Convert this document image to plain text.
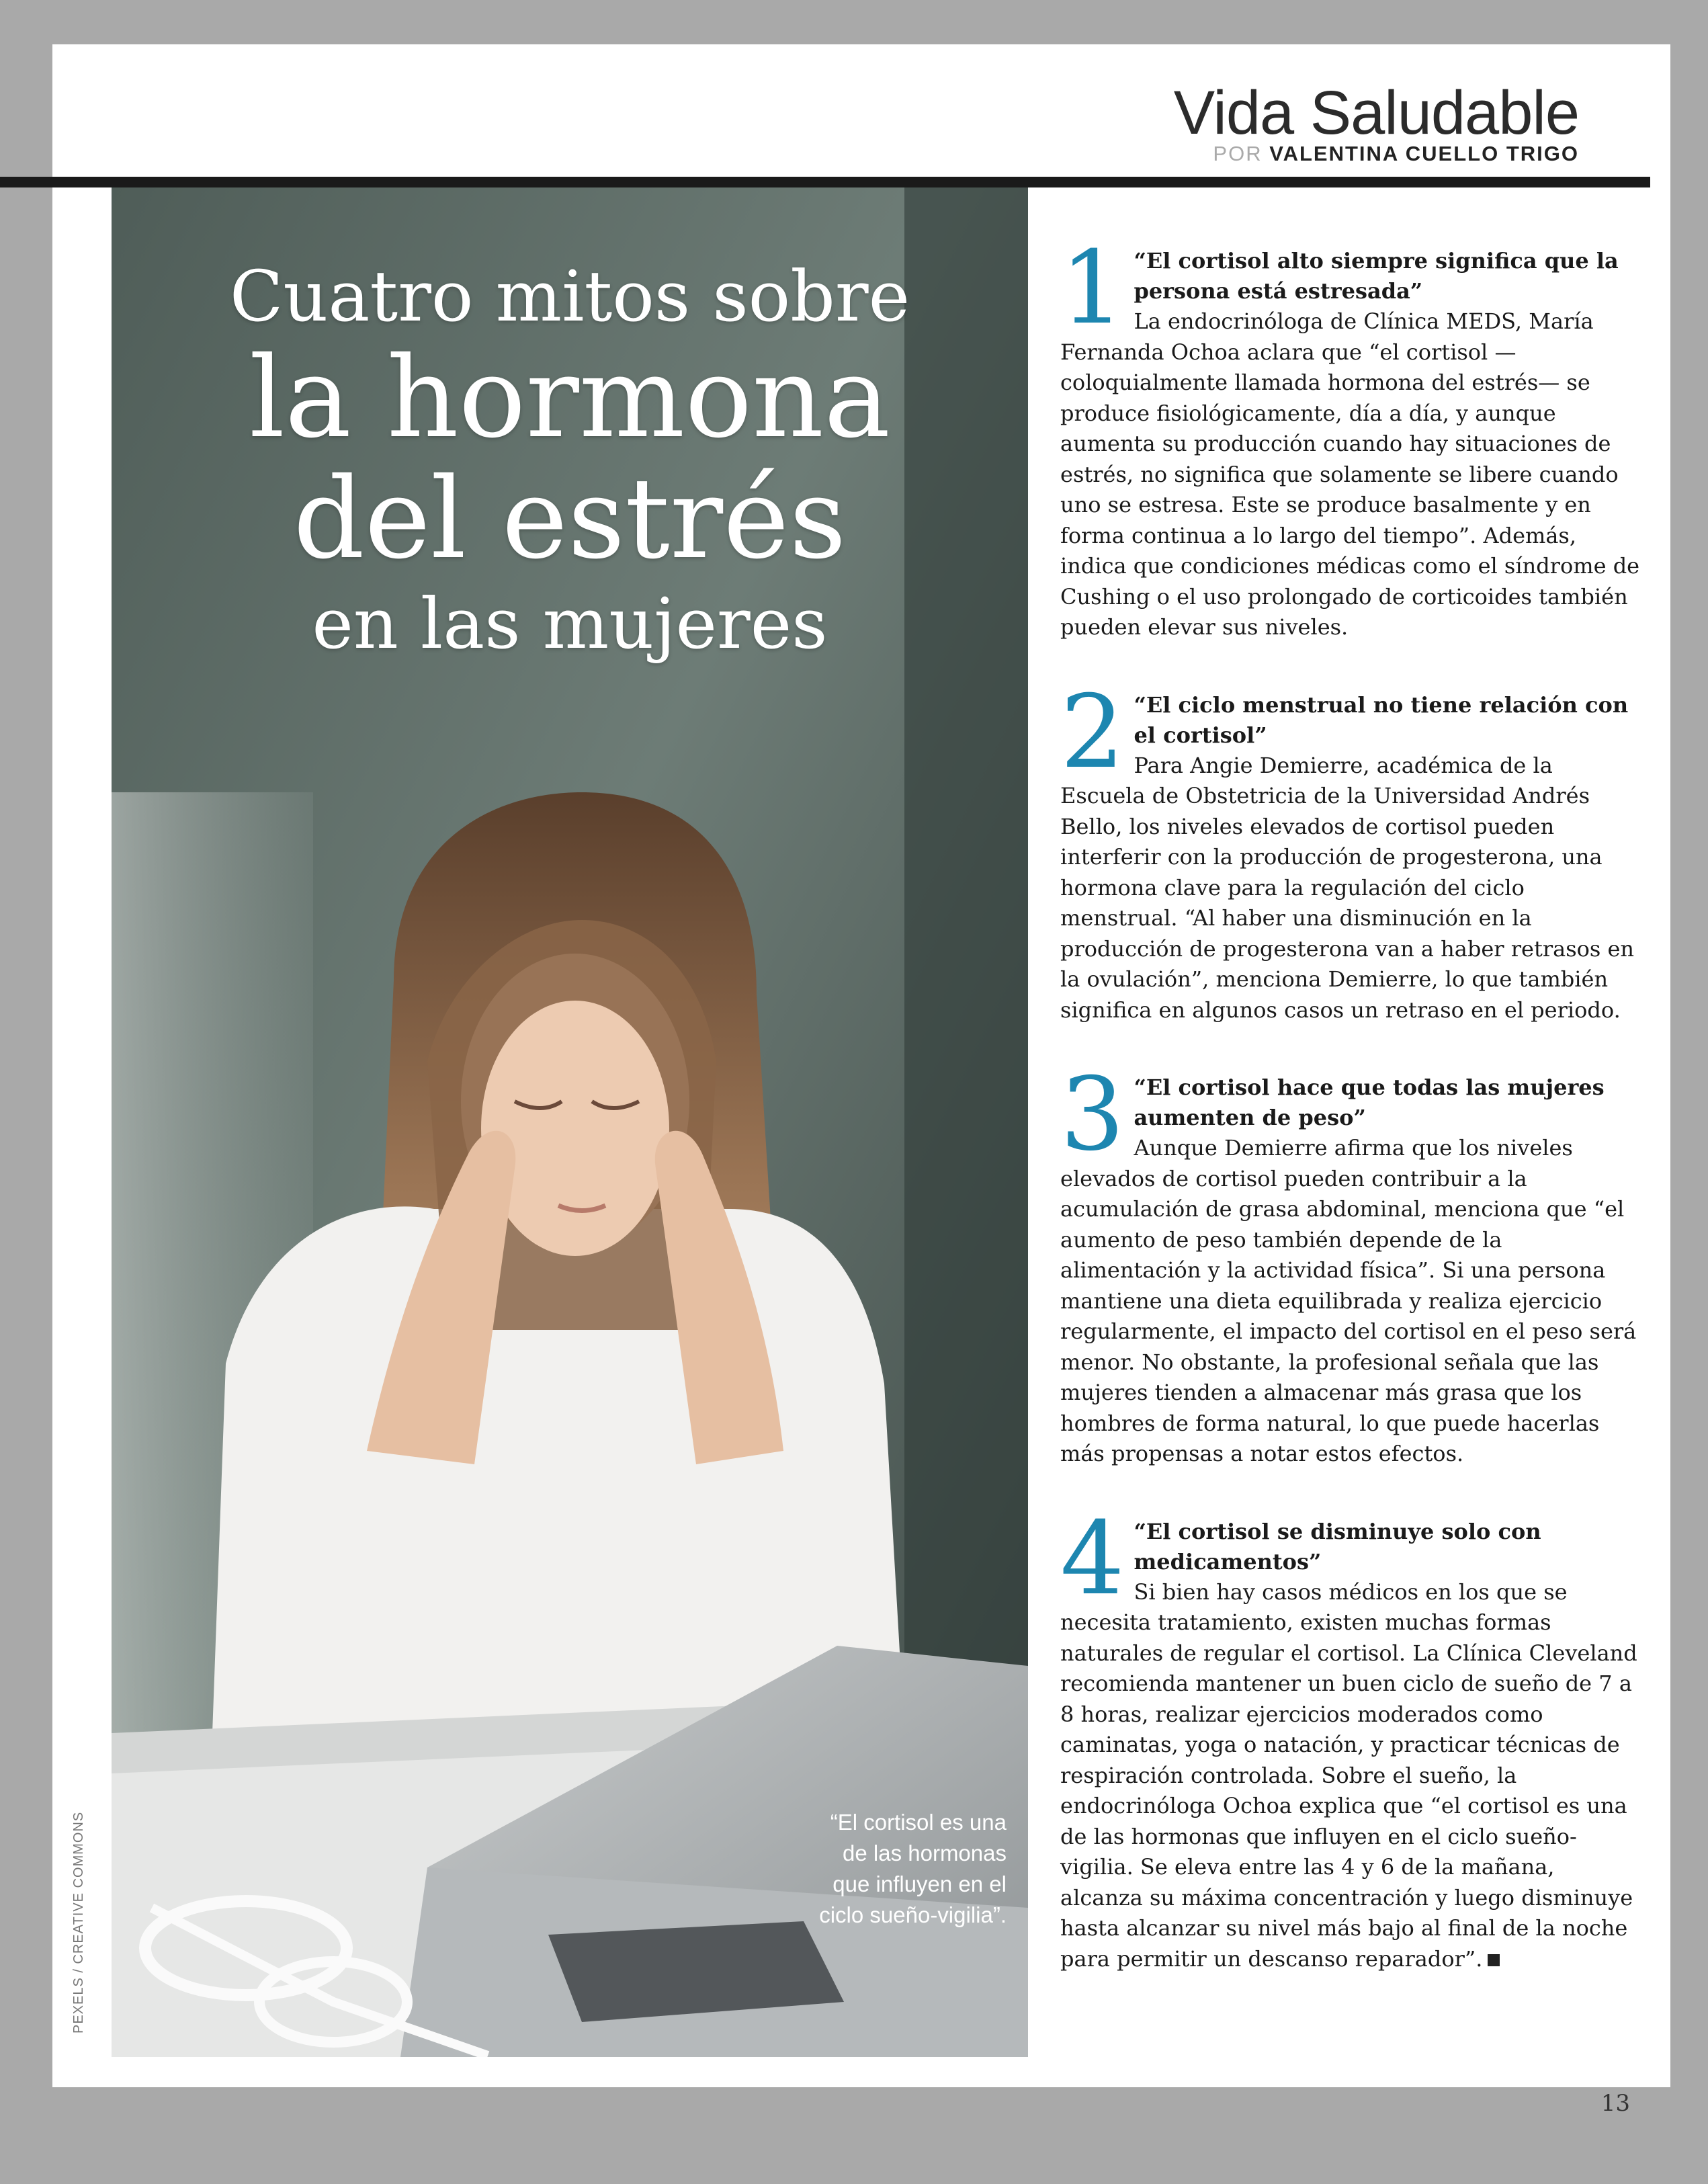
Vida Saludable
POR VALENTINA CUELLO TRIGO
Cuatro mitos sobre
la hormona
del estrés
en las mujeres
“El cortisol es una de las hormonas que influyen en el ciclo sueño-vigilia”.
PEXELS / CREATIVE COMMONS
1 “El cortisol alto siempre significa que la persona está estresada”

La endocrinóloga de Clínica MEDS, María Fernanda Ochoa aclara que “el cortisol —coloquialmente llamada hormona del estrés— se produce fisiológicamente, día a día, y aunque aumenta su producción cuando hay situaciones de estrés, no significa que solamente se libere cuando uno se estresa. Este se produce basalmente y en forma continua a lo largo del tiempo”. Además, indica que condiciones médicas como el síndrome de Cushing o el uso prolongado de corticoides también pueden elevar sus niveles.

2 “El ciclo menstrual no tiene relación con el cortisol”

Para Angie Demierre, académica de la Escuela de Obstetricia de la Universidad Andrés Bello, los niveles elevados de cortisol pueden interferir con la producción de progesterona, una hormona clave para la regulación del ciclo menstrual. “Al haber una disminución en la producción de progesterona van a haber retrasos en la ovulación”, menciona Demierre, lo que también significa en algunos casos un retraso en el periodo.

3 “El cortisol hace que todas las mujeres aumenten de peso”

Aunque Demierre afirma que los niveles elevados de cortisol pueden contribuir a la acumulación de grasa abdominal, menciona que “el aumento de peso también depende de la alimentación y la actividad física”. Si una persona mantiene una dieta equilibrada y realiza ejercicio regularmente, el impacto del cortisol en el peso será menor. No obstante, la profesional señala que las mujeres tienden a almacenar más grasa que los hombres de forma natural, lo que puede hacerlas más propensas a notar estos efectos.

4 “El cortisol se disminuye solo con medicamentos”

Si bien hay casos médicos en los que se necesita tratamiento, existen muchas formas naturales de regular el cortisol. La Clínica Cleveland recomienda mantener un buen ciclo de sueño de 7 a 8 horas, realizar ejercicios moderados como caminatas, yoga o natación, y practicar técnicas de respiración controlada. Sobre el sueño, la endocrinóloga Ochoa explica que “el cortisol es una de las hormonas que influyen en el ciclo sueño-vigilia. Se eleva entre las 4 y 6 de la mañana, alcanza su máxima concentración y luego disminuye hasta alcanzar su nivel más bajo al final de la noche para permitir un descanso reparador”.

13
